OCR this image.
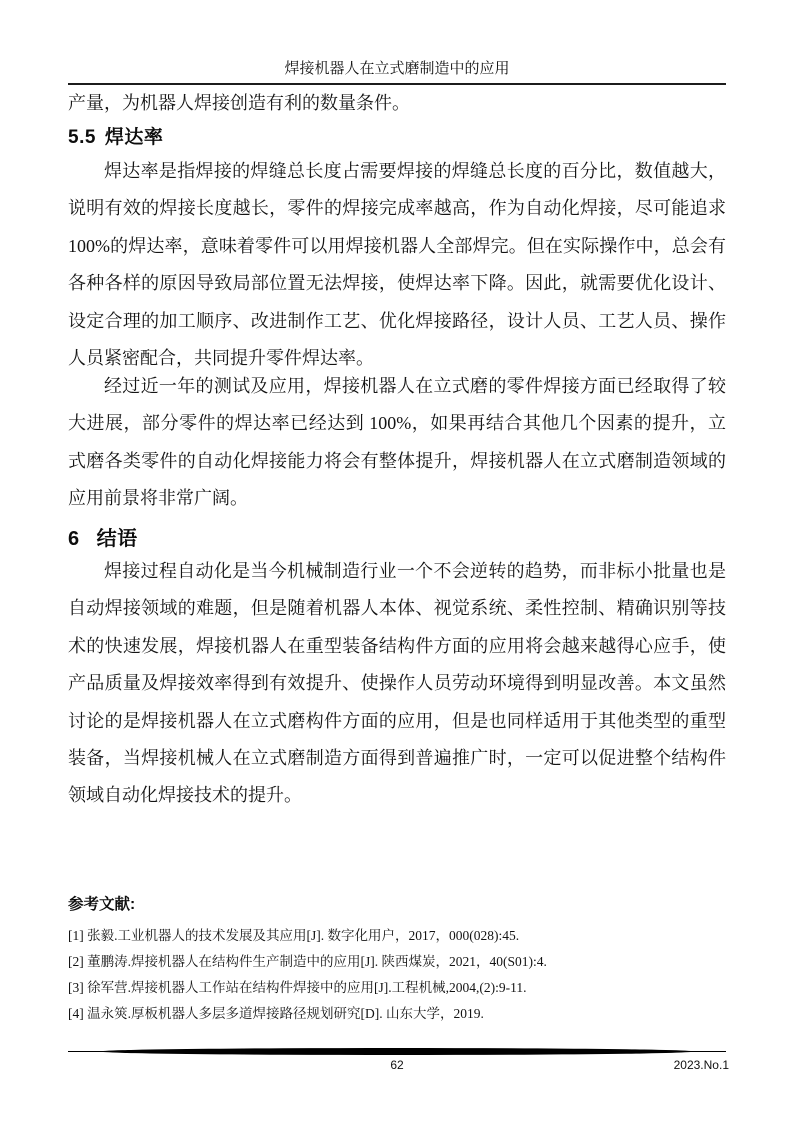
焊接机器人在立式磨制造中的应用

产量，为机器人焊接创造有利的数量条件。

5.5 焊达率

焊达率是指焊接的焊缝总长度占需要焊接的焊缝总长度的百分比，数值越大，说明有效的焊接长度越长，零件的焊接完成率越高，作为自动化焊接，尽可能追求 100%的焊达率，意味着零件可以用焊接机器人全部焊完。但在实际操作中，总会有各种各样的原因导致局部位置无法焊接，使焊达率下降。因此，就需要优化设计、设定合理的加工顺序、改进制作工艺、优化焊接路径，设计人员、工艺人员、操作人员紧密配合，共同提升零件焊达率。

经过近一年的测试及应用，焊接机器人在立式磨的零件焊接方面已经取得了较大进展，部分零件的焊达率已经达到 100%，如果再结合其他几个因素的提升，立式磨各类零件的自动化焊接能力将会有整体提升，焊接机器人在立式磨制造领域的应用前景将非常广阔。

6 结语

焊接过程自动化是当今机械制造行业一个不会逆转的趋势，而非标小批量也是自动焊接领域的难题，但是随着机器人本体、视觉系统、柔性控制、精确识别等技术的快速发展，焊接机器人在重型装备结构件方面的应用将会越来越得心应手，使产品质量及焊接效率得到有效提升、使操作人员劳动环境得到明显改善。本文虽然讨论的是焊接机器人在立式磨构件方面的应用，但是也同样适用于其他类型的重型装备，当焊接机械人在立式磨制造方面得到普遍推广时，一定可以促进整个结构件领域自动化焊接技术的提升。

参考文献:
[1] 张毅.工业机器人的技术发展及其应用[J]. 数字化用户，2017，000(028):45.
[2] 董鹏涛.焊接机器人在结构件生产制造中的应用[J]. 陕西煤炭，2021，40(S01):4.
[3] 徐军营.焊接机器人工作站在结构件焊接中的应用[J].工程机械,2004,(2):9-11.
[4] 温永筴.厚板机器人多层多道焊接路径规划研究[D]. 山东大学，2019.
62	2023.No.1
